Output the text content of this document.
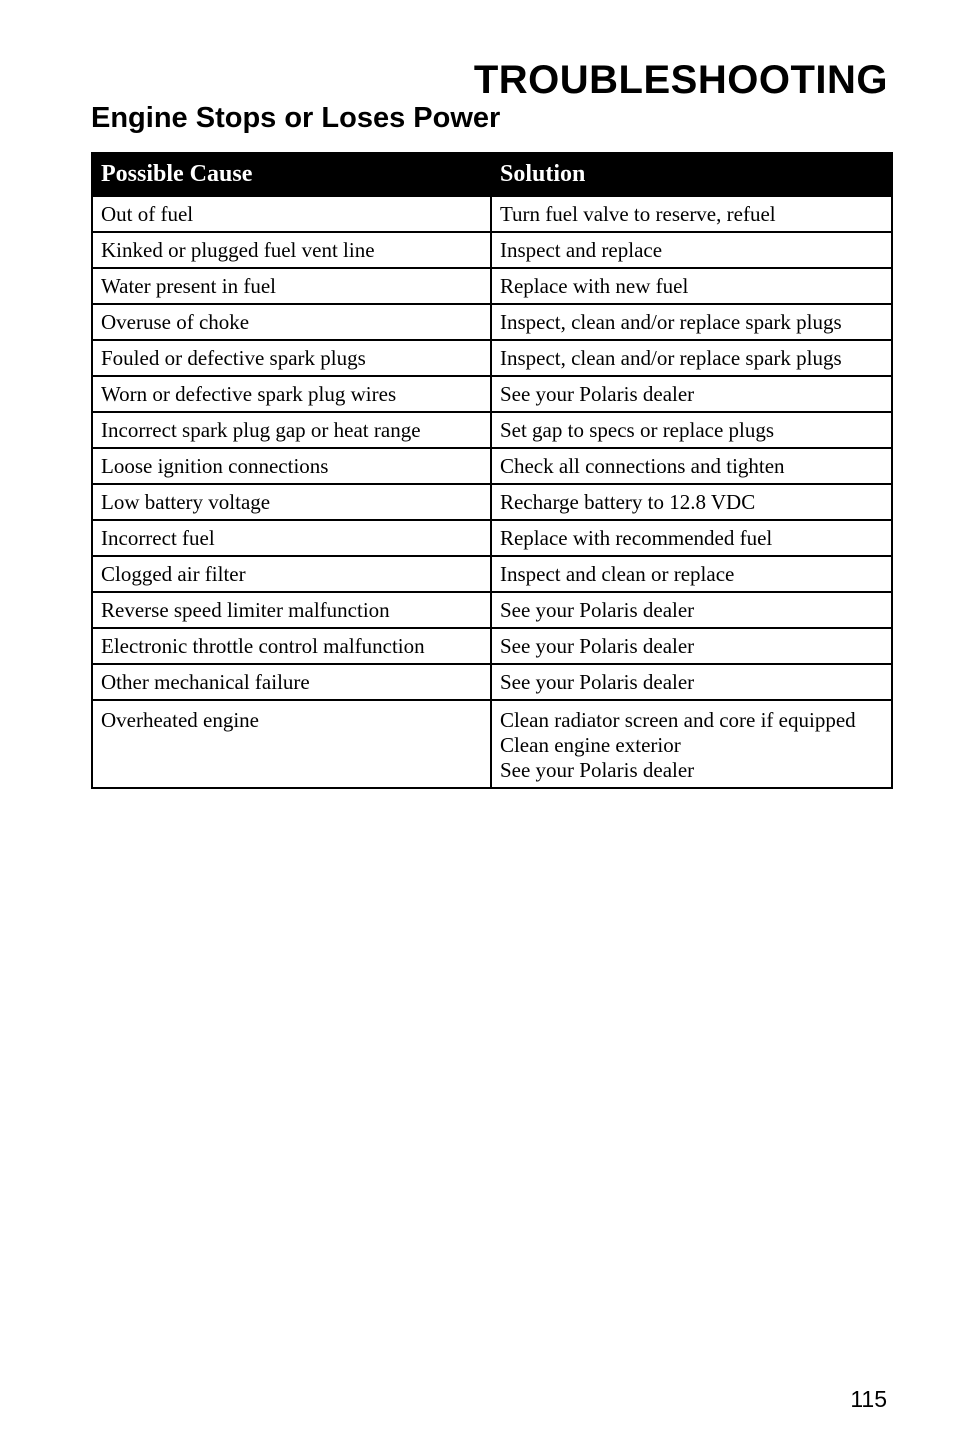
TROUBLESHOOTING
Engine Stops or Loses Power
Possible Cause	Solution
Out of fuel	Turn fuel valve to reserve, refuel

Kinked or plugged fuel vent line	Inspect and replace

Water present in fuel	Replace with new fuel

Overuse of choke	Inspect, clean and/or replace spark plugs

Fouled or defective spark plugs	Inspect, clean and/or replace spark plugs

Worn or defective spark plug wires	See your Polaris dealer

Incorrect spark plug gap or heat range	Set gap to specs or replace plugs

Loose ignition connections	Check all connections and tighten

Low battery voltage	Recharge battery to 12.8 VDC

Incorrect fuel	Replace with recommended fuel

Clogged air filter	Inspect and clean or replace

Reverse speed limiter malfunction	See your Polaris dealer

Electronic throttle control malfunction	See your Polaris dealer

Other mechanical failure	See your Polaris dealer

Overheated engine	Clean radiator screen and core if equipped
Clean engine exterior
See your Polaris dealer
115
